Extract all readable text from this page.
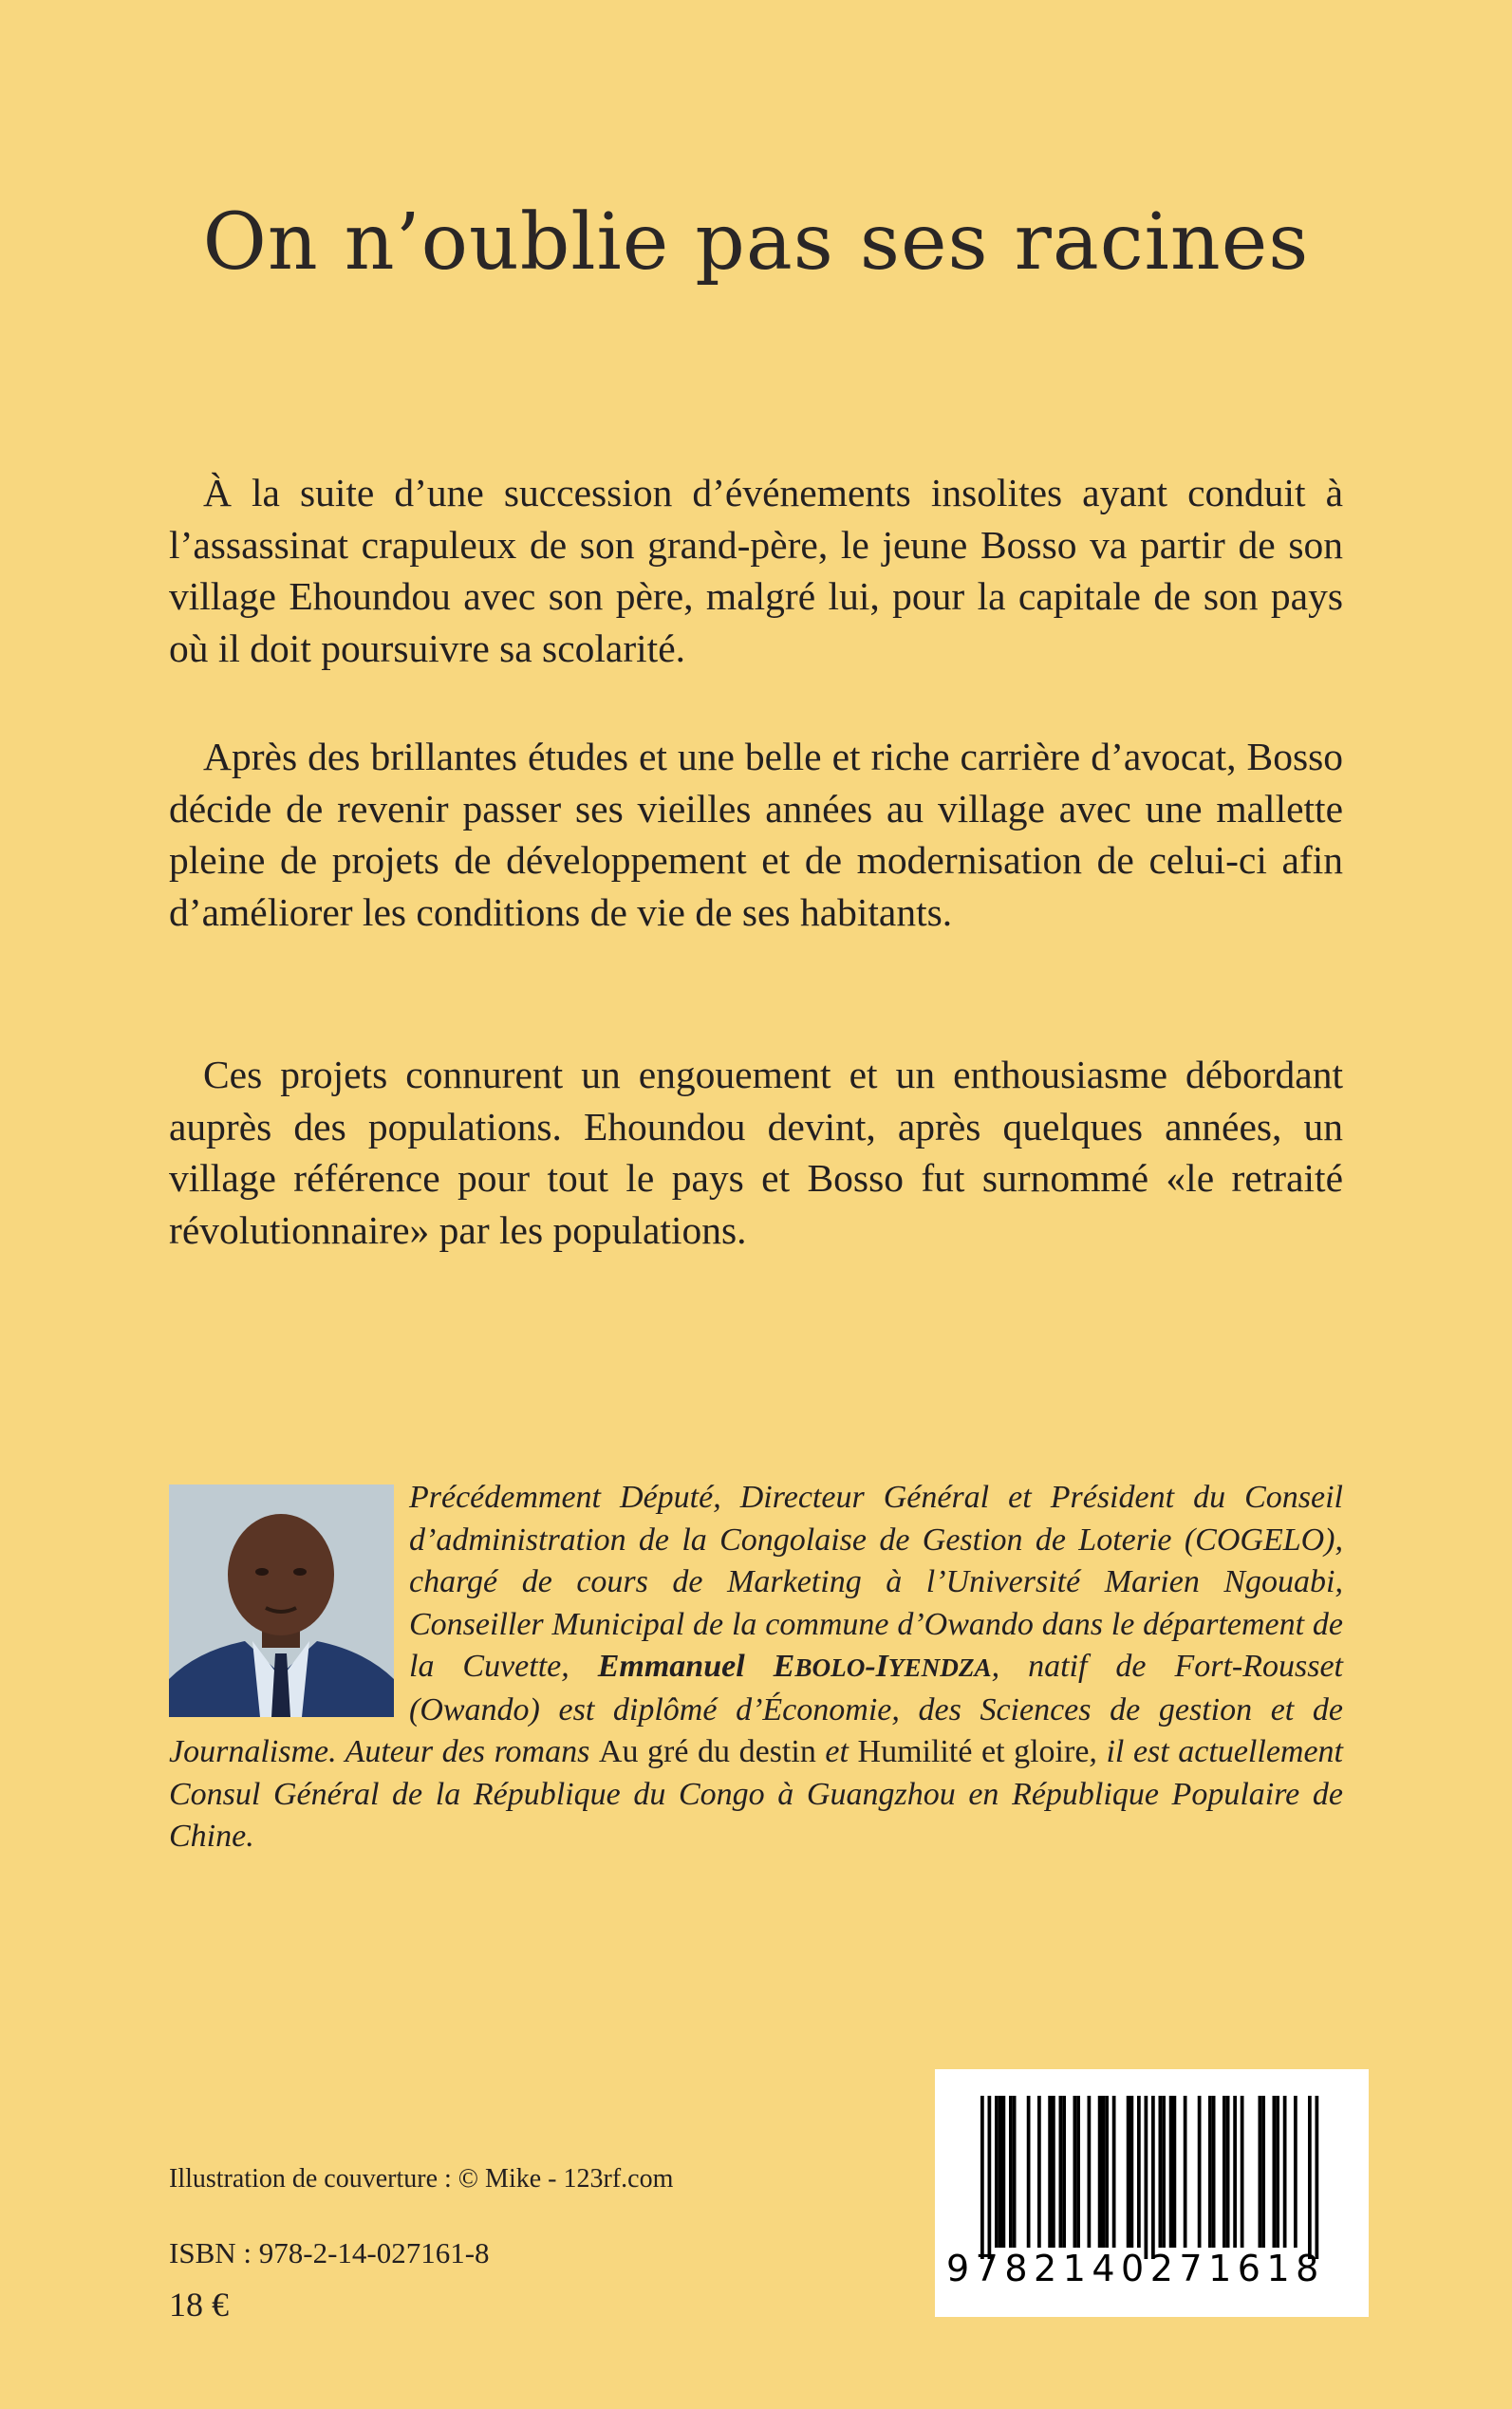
On n’oublie pas ses racines

À la suite d’une succession d’événements insolites ayant conduit à l’assassinat crapuleux de son grand-père, le jeune Bosso va partir de son village Ehoundou avec son père, malgré lui, pour la capitale de son pays où il doit poursuivre sa scolarité.

Après des brillantes études et une belle et riche carrière d’avocat, Bosso décide de revenir passer ses vieilles années au village avec une mallette pleine de projets de développement et de modernisation de celui-ci afin d’améliorer les conditions de vie de ses habitants.

Ces projets connurent un engouement et un enthousiasme débordant auprès des populations. Ehoundou devint, après quelques années, un village référence pour tout le pays et Bosso fut surnommé «le retraité révolutionnaire» par les populations.

Précédemment Député, Directeur Général et Président du Conseil d’administration de la Congolaise de Gestion de Loterie (COGELO), chargé de cours de Marketing à l’Université Marien Ngouabi, Conseiller Municipal de la commune d’Owando dans le département de la Cuvette, Emmanuel EBOLO-IYENDZA, natif de Fort-Rousset (Owando) est diplômé d’Économie, des Sciences de gestion et de Journalisme. Auteur des romans Au gré du destin et Humilité et gloire, il est actuellement Consul Général de la République du Congo à Guangzhou en République Populaire de Chine.
Illustration de couverture : © Mike - 123rf.com
ISBN : 978-2-14-027161-8
18 €
9782140271618
